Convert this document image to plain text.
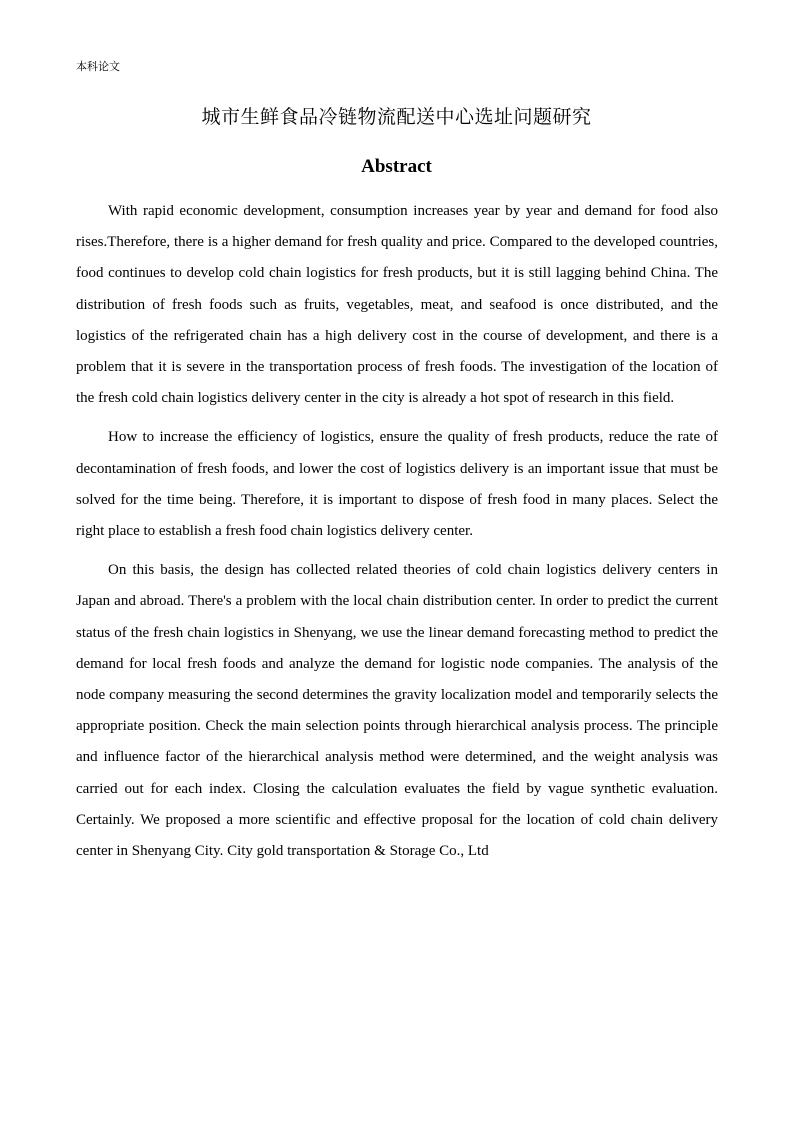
本科论文
城市生鲜食品冷链物流配送中心选址问题研究
Abstract

With rapid economic development, consumption increases year by year and demand for food also rises.Therefore, there is a higher demand for fresh quality and price. Compared to the developed countries, food continues to develop cold chain logistics for fresh products, but it is still lagging behind China. The distribution of fresh foods such as fruits, vegetables, meat, and seafood is once distributed, and the logistics of the refrigerated chain has a high delivery cost in the course of development, and there is a problem that it is severe in the transportation process of fresh foods. The investigation of the location of the fresh cold chain logistics delivery center in the city is already a hot spot of research in this field.

How to increase the efficiency of logistics, ensure the quality of fresh products, reduce the rate of decontamination of fresh foods, and lower the cost of logistics delivery is an important issue that must be solved for the time being. Therefore, it is important to dispose of fresh food in many places. Select the right place to establish a fresh food chain logistics delivery center.

On this basis, the design has collected related theories of cold chain logistics delivery centers in Japan and abroad. There's a problem with the local chain distribution center. In order to predict the current status of the fresh chain logistics in Shenyang, we use the linear demand forecasting method to predict the demand for local fresh foods and analyze the demand for logistic node companies. The analysis of the node company measuring the second determines the gravity localization model and temporarily selects the appropriate position. Check the main selection points through hierarchical analysis process. The principle and influence factor of the hierarchical analysis method were determined, and the weight analysis was carried out for each index. Closing the calculation evaluates the field by vague synthetic evaluation. Certainly. We proposed a more scientific and effective proposal for the location of cold chain delivery center in Shenyang City. City gold transportation & Storage Co., Ltd
